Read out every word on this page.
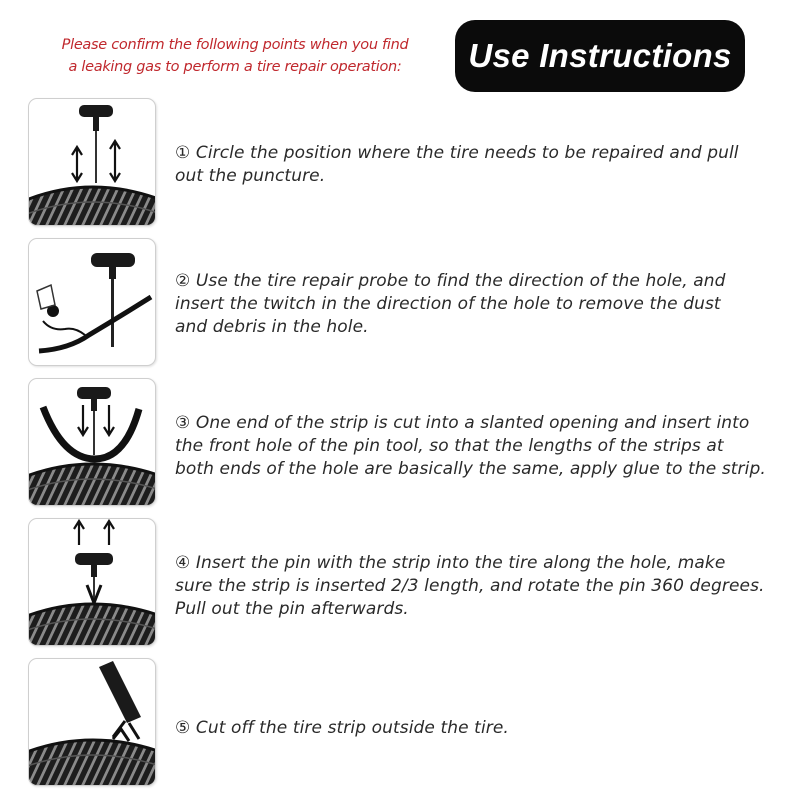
Please confirm the following points when you find
a leaking gas to perform a tire repair operation:	Use Instructions
① Circle the position where the tire needs to be repaired and pull
out the puncture.
② Use the tire repair probe to find the direction of the hole, and
insert the twitch in the direction of the hole to remove the dust
and debris in the hole.
③ One end of the strip is cut into a slanted opening and insert into
the front hole of the pin tool, so that the lengths of the strips at
both ends of the hole are basically the same, apply glue to the strip.
④ Insert the pin with the strip into the tire along the hole, make
sure the strip is inserted 2/3 length, and rotate the pin 360 degrees.
Pull out the pin afterwards.
⑤ Cut off the tire strip outside the tire.
